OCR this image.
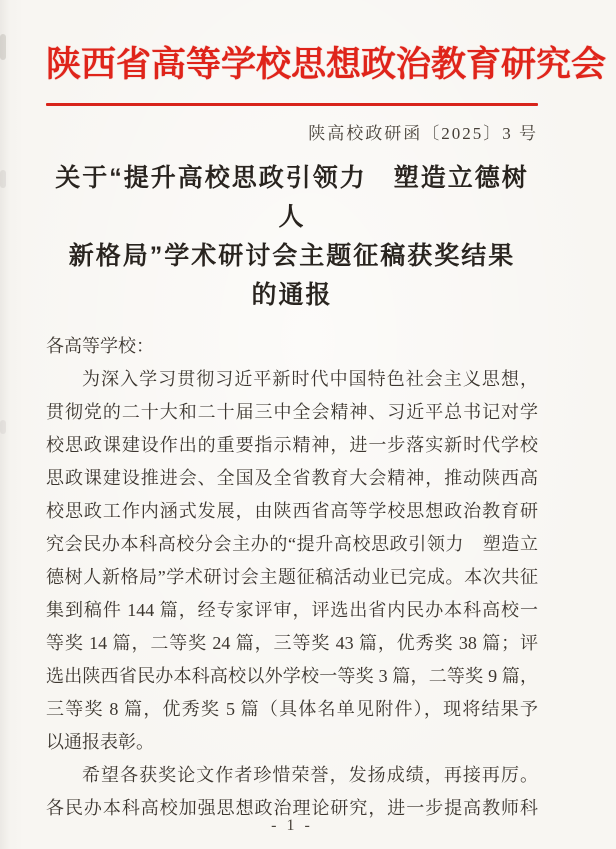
陕西省高等学校思想政治教育研究会
陕高校政研函〔2025〕3 号
关于“提升高校思政引领力　塑造立德树人
新格局”学术研讨会主题征稿获奖结果
的通报
各高等学校：
为深入学习贯彻习近平新时代中国特色社会主义思想，
贯彻党的二十大和二十届三中全会精神、习近平总书记对学
校思政课建设作出的重要指示精神，进一步落实新时代学校
思政课建设推进会、全国及全省教育大会精神，推动陕西高
校思政工作内涵式发展，由陕西省高等学校思想政治教育研
究会民办本科高校分会主办的“提升高校思政引领力　塑造立
德树人新格局”学术研讨会主题征稿活动业已完成。本次共征
集到稿件 144 篇，经专家评审，评选出省内民办本科高校一
等奖 14 篇，二等奖 24 篇，三等奖 43 篇，优秀奖 38 篇；评
选出陕西省民办本科高校以外学校一等奖 3 篇，二等奖 9 篇，
三等奖 8 篇，优秀奖 5 篇（具体名单见附件），现将结果予
以通报表彰。
希望各获奖论文作者珍惜荣誉，发扬成绩，再接再厉。
各民办本科高校加强思想政治理论研究，进一步提高教师科
- 1 -
